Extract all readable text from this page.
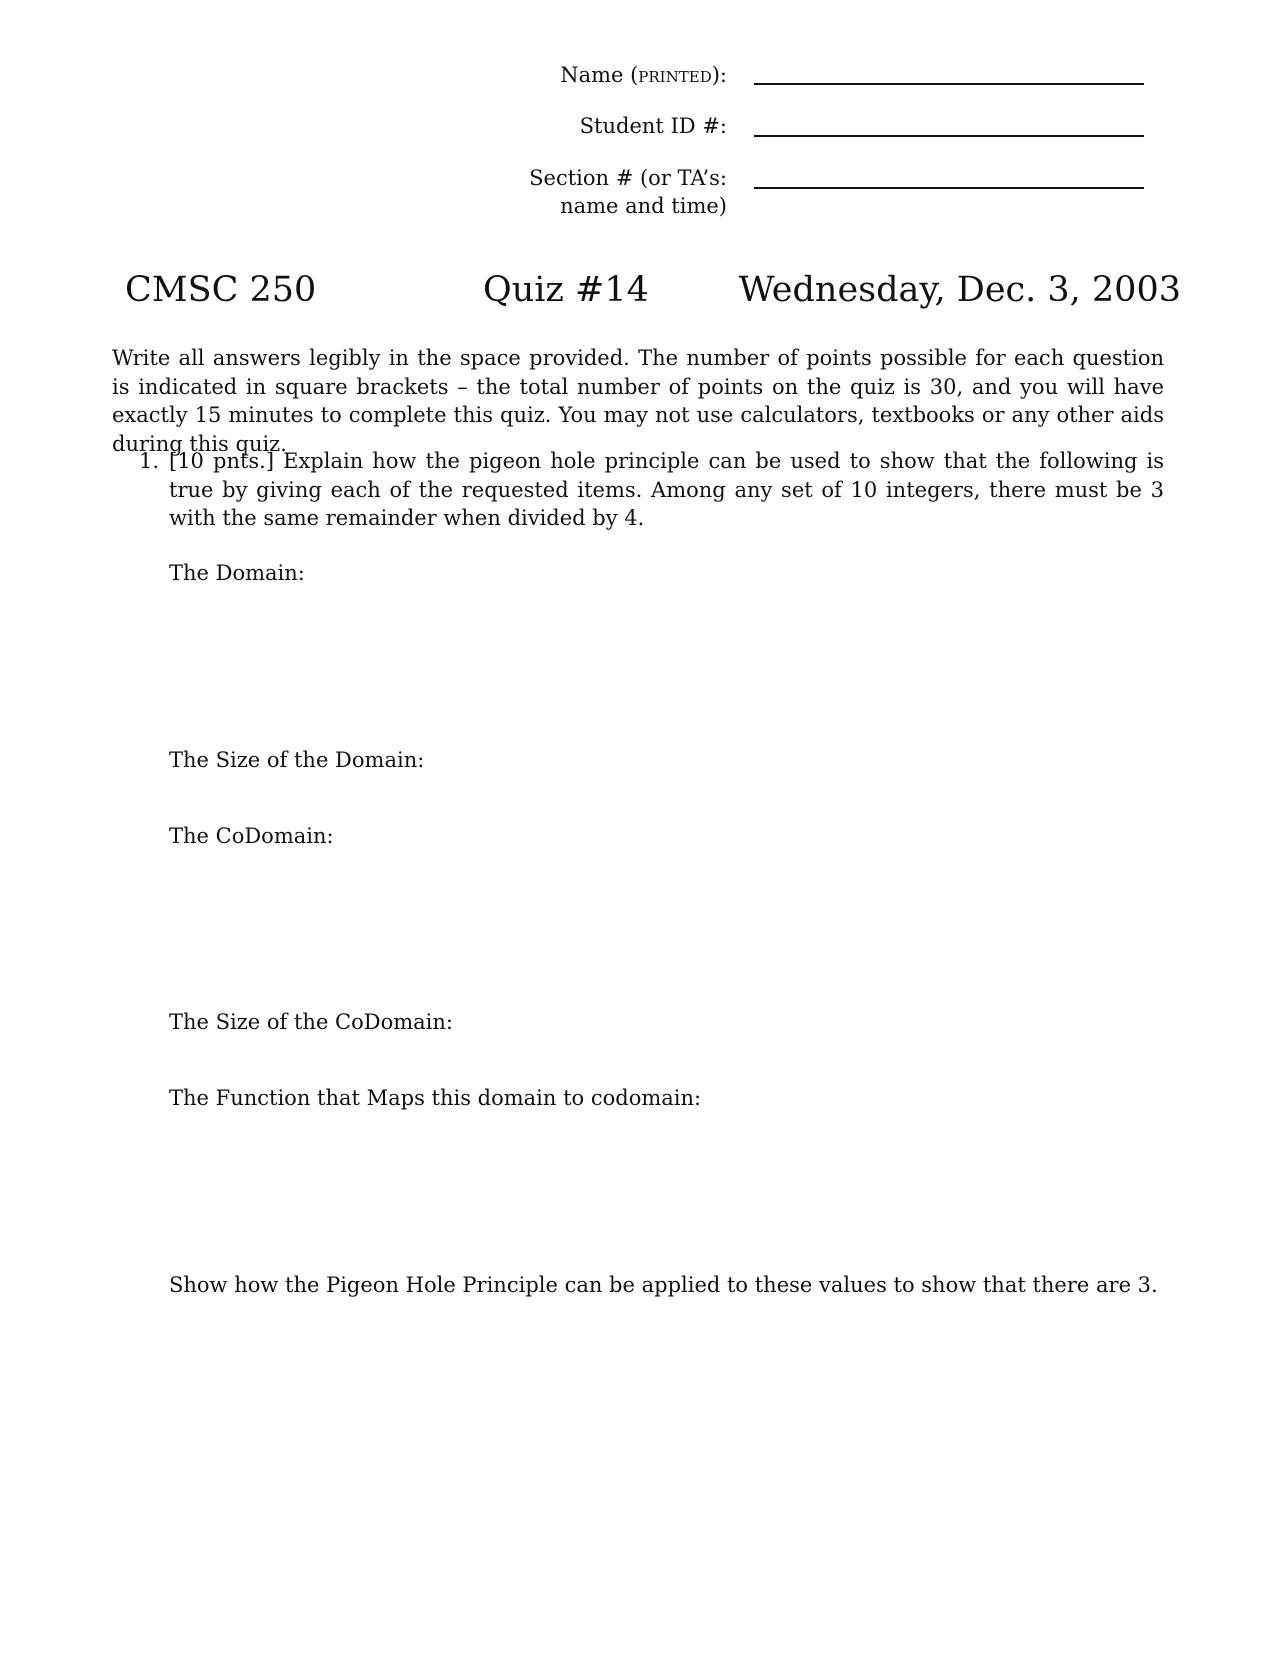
Name (printed):
Student ID #:
Section # (or TA’s:
name and time)
CMSC 250	Quiz #14	Wednesday, Dec. 3, 2003
Write all answers legibly in the space provided. The number of points possible for each question is indicated in square brackets – the total number of points on the quiz is 30, and you will have exactly 15 minutes to complete this quiz. You may not use calculators, textbooks or any other aids during this quiz.
1. [10 pnts.] Explain how the pigeon hole principle can be used to show that the following is true by giving each of the requested items. Among any set of 10 integers, there must be 3 with the same remainder when divided by 4.
The Domain:
The Size of the Domain:
The CoDomain:
The Size of the CoDomain:
The Function that Maps this domain to codomain:
Show how the Pigeon Hole Principle can be applied to these values to show that there are 3.
